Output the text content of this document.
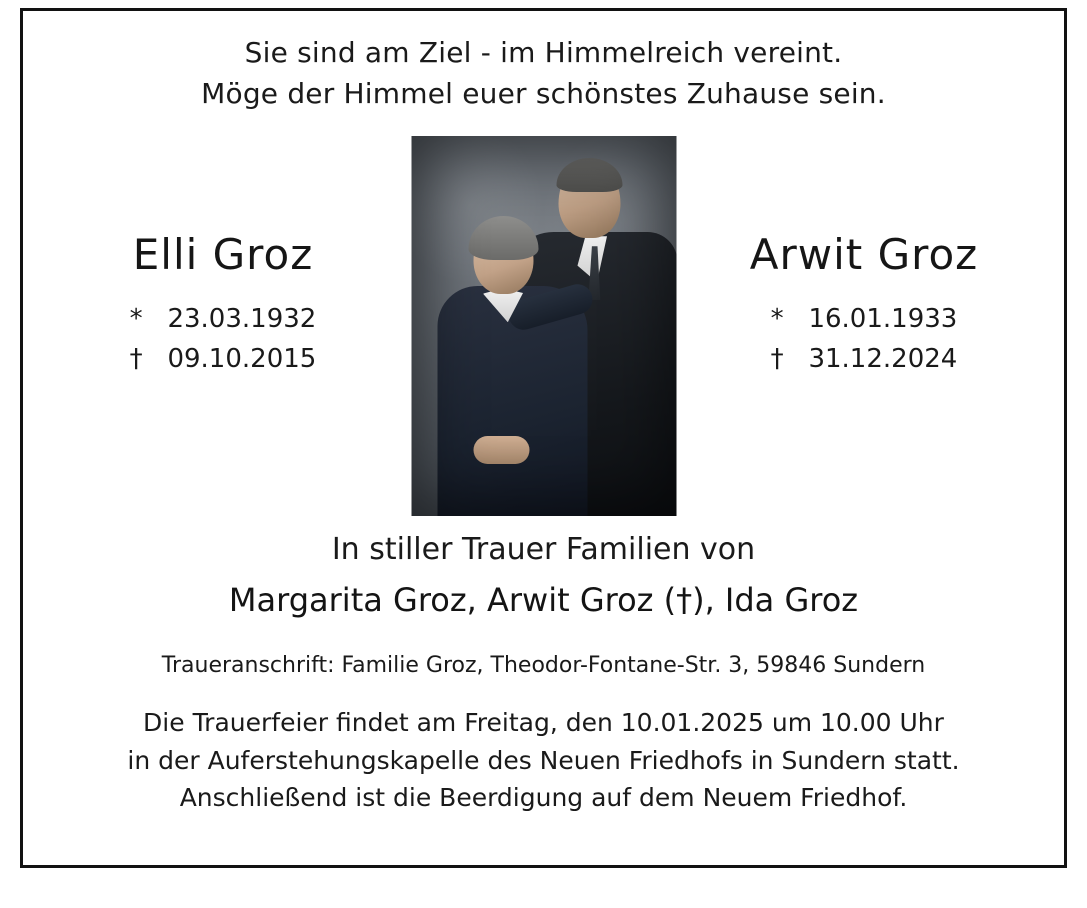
Sie sind am Ziel - im Himmelreich vereint.
Möge der Himmel euer schönstes Zuhause sein.
Elli Groz
*   23.03.1932
†   09.10.2015
Arwit Groz
*   16.01.1933
†   31.12.2024
In stiller Trauer Familien von
Margarita Groz, Arwit Groz (†), Ida Groz
Traueranschrift: Familie Groz, Theodor-Fontane-Str. 3, 59846 Sundern
Die Trauerfeier findet am Freitag, den 10.01.2025 um 10.00 Uhr
in der Auferstehungskapelle des Neuen Friedhofs in Sundern statt.
Anschließend ist die Beerdigung auf dem Neuem Friedhof.
